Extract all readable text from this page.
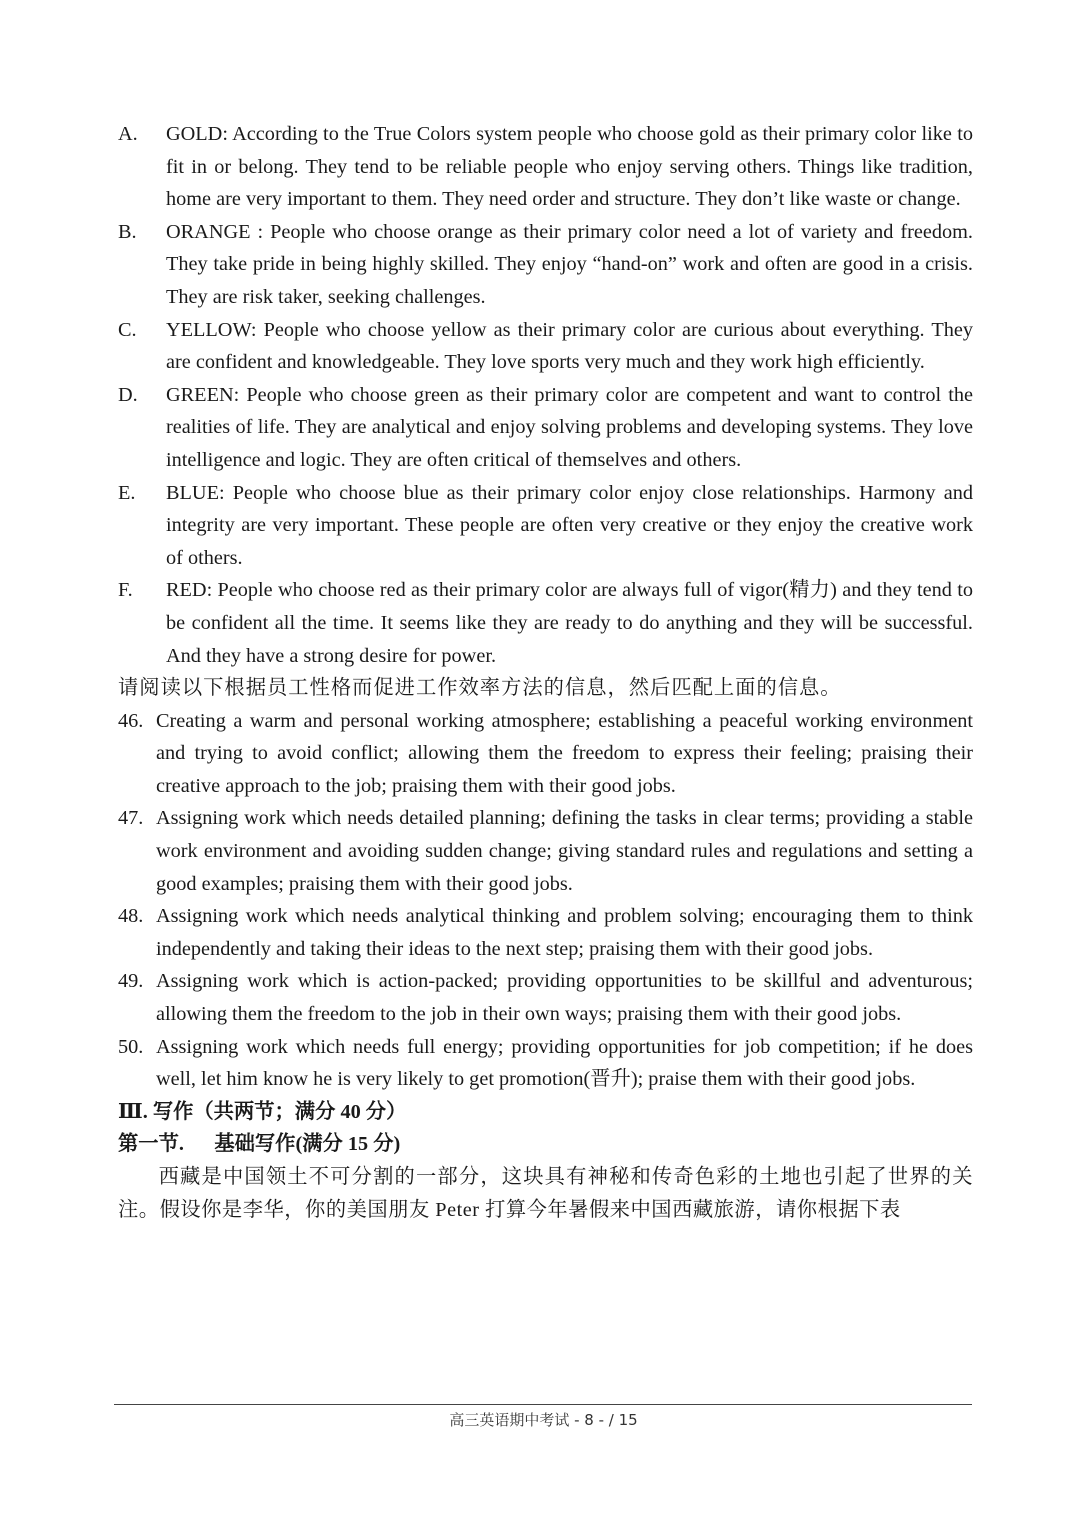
A.	GOLD: According to the True Colors system people who choose gold as their primary color like to fit in or belong. They tend to be reliable people who enjoy serving others. Things like tradition, home are very important to them. They need order and structure. They don’t like waste or change.
B.	ORANGE : People who choose orange as their primary color need a lot of variety and freedom. They take pride in being highly skilled. They enjoy “hand-on” work and often are good in a crisis. They are risk taker, seeking challenges.
C.	YELLOW: People who choose yellow as their primary color are curious about everything. They are confident and knowledgeable. They love sports very much and they work high efficiently.
D.	GREEN: People who choose green as their primary color are competent and want to control the realities of life. They are analytical and enjoy solving problems and developing systems. They love intelligence and logic. They are often critical of themselves and others.
E.	BLUE: People who choose blue as their primary color enjoy close relationships. Harmony and integrity are very important. These people are often very creative or they enjoy the creative work of others.
F.	RED: People who choose red as their primary color are always full of vigor(精力) and they tend to be confident all the time. It seems like they are ready to do anything and they will be successful. And they have a strong desire for power.
请阅读以下根据员工性格而促进工作效率方法的信息，然后匹配上面的信息。
46. Creating a warm and personal working atmosphere; establishing a peaceful working environment and trying to avoid conflict; allowing them the freedom to express their feeling; praising their creative approach to the job; praising them with their good jobs.
47. Assigning work which needs detailed planning; defining the tasks in clear terms; providing a stable work environment and avoiding sudden change; giving standard rules and regulations and setting a good examples; praising them with their good jobs.
48. Assigning work which needs analytical thinking and problem solving; encouraging them to think independently and taking their ideas to the next step; praising them with their good jobs.
49. Assigning work which is action-packed; providing opportunities to be skillful and adventurous; allowing them the freedom to the job in their own ways; praising them with their good jobs.
50. Assigning work which needs full energy; providing opportunities for job competition; if he does well, let him know he is very likely to get promotion(晋升); praise them with their good jobs.
Ⅲ. 写作（共两节；满分 40 分）
第一节.      基础写作(满分 15 分)
西藏是中国领土不可分割的一部分，这块具有神秘和传奇色彩的土地也引起了世界的关注。假设你是李华，你的美国朋友 Peter 打算今年暑假来中国西藏旅游，请你根据下表
高三英语期中考试 - 8 - / 15
